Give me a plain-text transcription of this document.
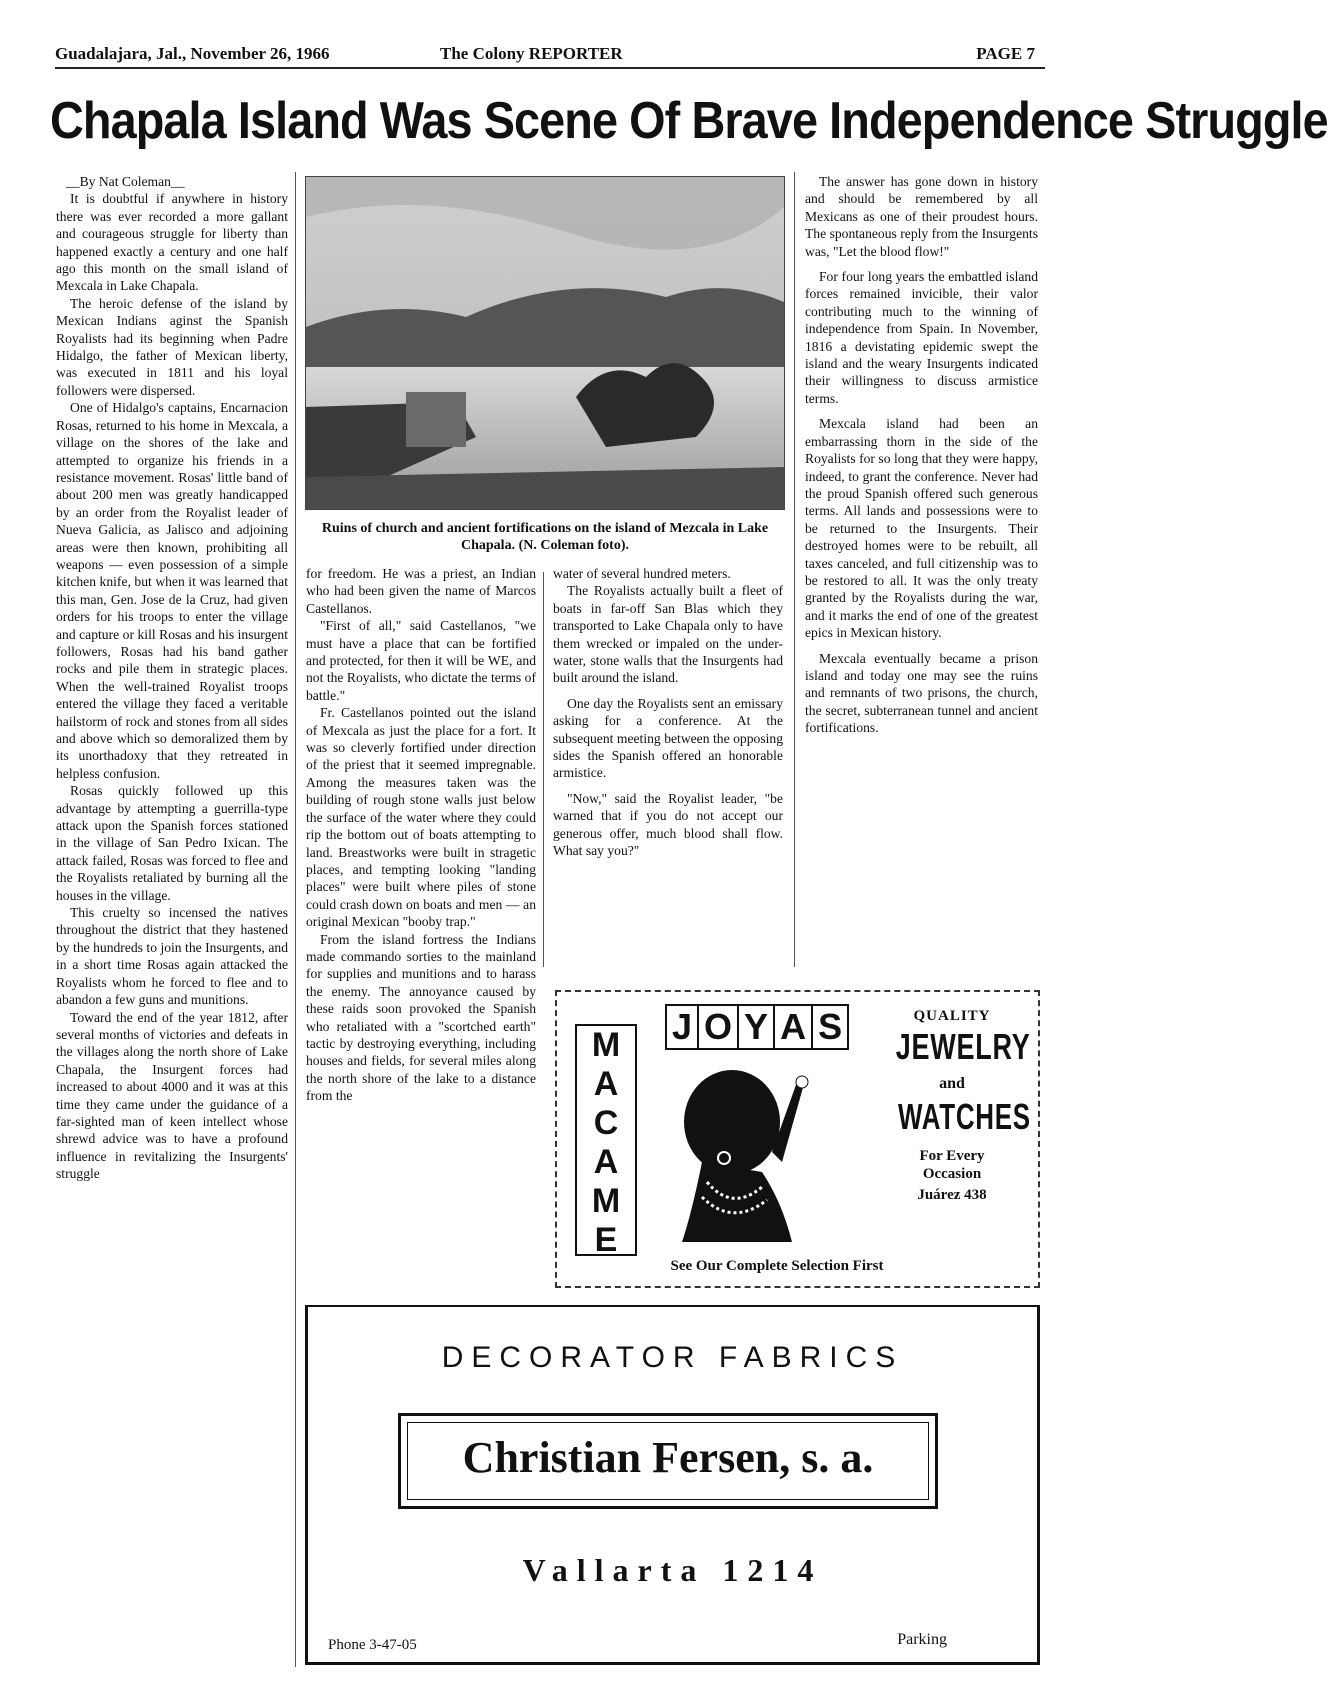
Guadalajara, Jal., November 26, 1966	The Colony REPORTER	PAGE 7
Chapala Island Was Scene Of Brave Independence Struggle

__By Nat Coleman__

It is doubtful if anywhere in history there was ever recorded a more gallant and courageous struggle for liberty than happened exactly a century and one half ago this month on the small island of Mexcala in Lake Chapala.

The heroic defense of the island by Mexican Indians aginst the Spanish Royalists had its beginning when Padre Hidalgo, the father of Mexican liberty, was executed in 1811 and his loyal followers were dispersed.

One of Hidalgo's captains, Encarnacion Rosas, returned to his home in Mexcala, a village on the shores of the lake and attempted to organize his friends in a resistance movement. Rosas' little band of about 200 men was greatly handicapped by an order from the Royalist leader of Nueva Galicia, as Jalisco and adjoining areas were then known, prohibiting all weapons — even possession of a simple kitchen knife, but when it was learned that this man, Gen. Jose de la Cruz, had given orders for his troops to enter the village and capture or kill Rosas and his insurgent followers, Rosas had his band gather rocks and pile them in strategic places. When the well-trained Royalist troops entered the village they faced a veritable hailstorm of rock and stones from all sides and above which so demoralized them by its unorthadoxy that they retreated in helpless confusion.

Rosas quickly followed up this advantage by attempting a guerrilla-type attack upon the Spanish forces stationed in the village of San Pedro Ixican. The attack failed, Rosas was forced to flee and the Royalists retaliated by burning all the houses in the village.

This cruelty so incensed the natives throughout the district that they hastened by the hundreds to join the Insurgents, and in a short time Rosas again attacked the Royalists whom he forced to flee and to abandon a few guns and munitions.

Toward the end of the year 1812, after several months of victories and defeats in the villages along the north shore of Lake Chapala, the Insurgent forces had increased to about 4000 and it was at this time they came under the guidance of a far-sighted man of keen intellect whose shrewd advice was to have a profound influence in revitalizing the Insurgents' struggle

Ruins of church and ancient fortifications on the island of Mezcala in Lake Chapala. (N. Coleman foto).

for freedom. He was a priest, an Indian who had been given the name of Marcos Castellanos.

"First of all," said Castellanos, "we must have a place that can be fortified and protected, for then it will be WE, and not the Royalists, who dictate the terms of battle."

Fr. Castellanos pointed out the island of Mexcala as just the place for a fort. It was so cleverly fortified under direction of the priest that it seemed impregnable. Among the measures taken was the building of rough stone walls just below the surface of the water where they could rip the bottom out of boats attempting to land. Breastworks were built in stragetic places, and tempting looking "landing places" were built where piles of stone could crash down on boats and men — an original Mexican "booby trap."

From the island fortress the Indians made commando sorties to the mainland for supplies and munitions and to harass the enemy. The annoyance caused by these raids soon provoked the Spanish who retaliated with a "scortched earth" tactic by destroying everything, including houses and fields, for several miles along the north shore of the lake to a distance from the

water of several hundred meters.

The Royalists actually built a fleet of boats in far-off San Blas which they transported to Lake Chapala only to have them wrecked or impaled on the under-water, stone walls that the Insurgents had built around the island.

One day the Royalists sent an emissary asking for a conference. At the subsequent meeting between the opposing sides the Spanish offered an honorable armistice.

"Now," said the Royalist leader, "be warned that if you do not accept our generous offer, much blood shall flow. What say you?"

The answer has gone down in history and should be remembered by all Mexicans as one of their proudest hours. The spontaneous reply from the Insurgents was, "Let the blood flow!"

For four long years the embattled island forces remained invicible, their valor contributing much to the winning of independence from Spain. In November, 1816 a devistating epidemic swept the island and the weary Insurgents indicated their willingness to discuss armistice terms.

Mexcala island had been an embarrassing thorn in the side of the Royalists for so long that they were happy, indeed, to grant the conference. Never had the proud Spanish offered such generous terms. All lands and possessions were to be returned to the Insurgents. Their destroyed homes were to be rebuilt, all taxes canceled, and full citizenship was to be restored to all. It was the only treaty granted by the Royalists during the war, and it marks the end of one of the greatest epics in Mexican history.

Mexcala eventually became a prison island and today one may see the ruins and remnants of two prisons, the church, the secret, subterranean tunnel and ancient fortifications.

M
A
C
A
M
E
J O Y A S	QUALITY
JEWELRY
and
WATCHES
For Every Occasion
Juárez 438
See Our Complete Selection First
DECORATOR FABRICS
Christian Fersen, s. a.
Vallarta 1214
Phone 3-47-05	Parking
